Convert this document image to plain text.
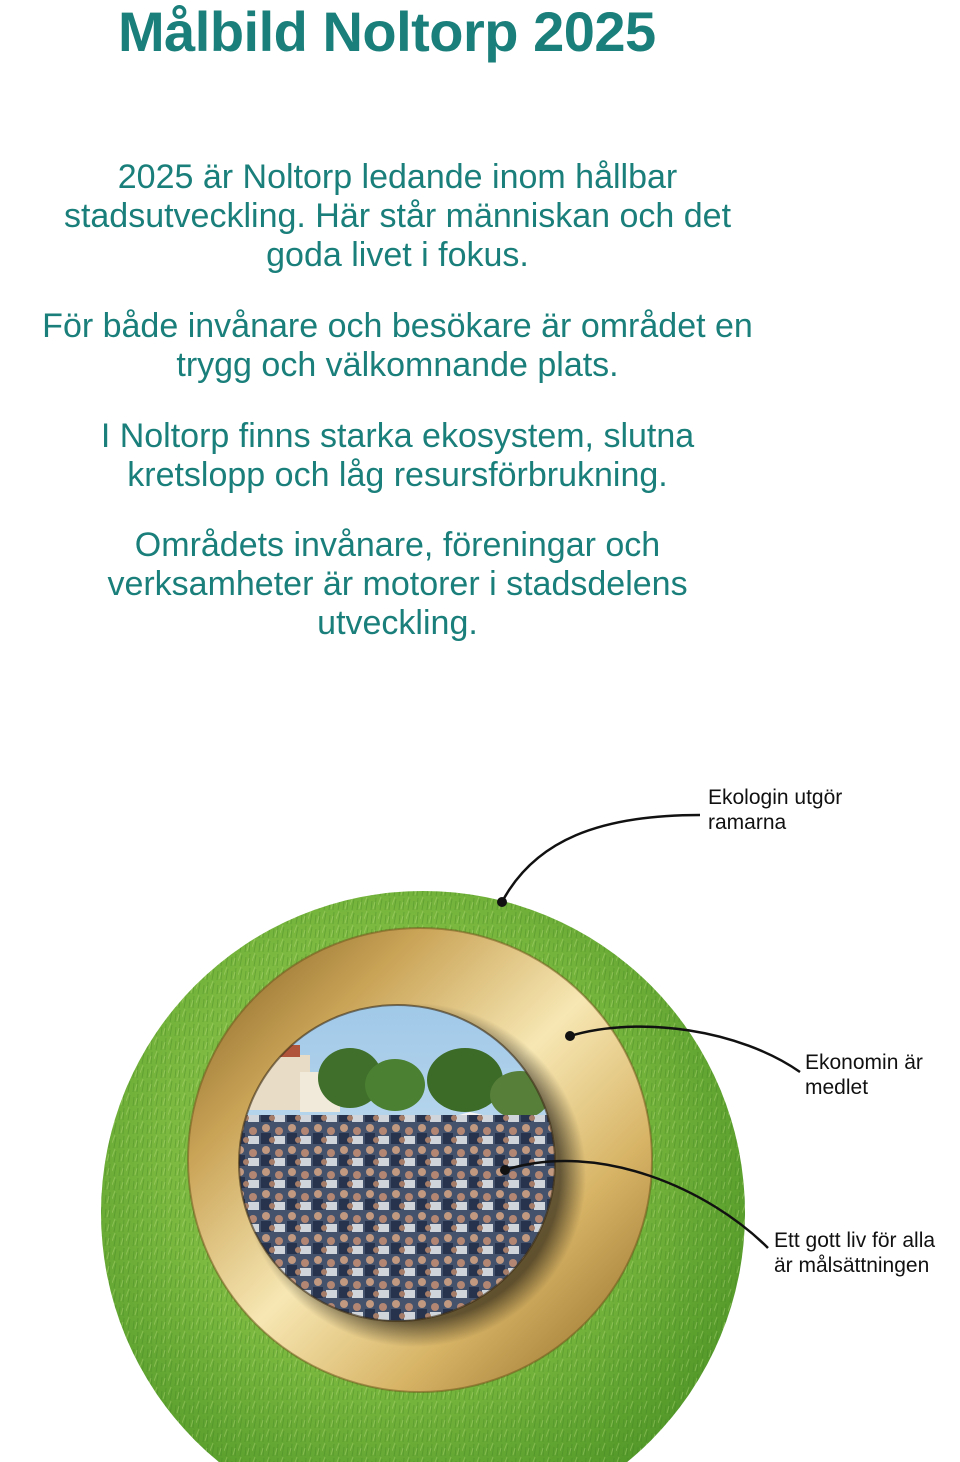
Målbild Noltorp 2025
2025 är Noltorp ledande inom hållbar
stadsutveckling. Här står människan och det
goda livet i fokus.
För både invånare och besökare är området en
trygg och välkomnande plats.
I Noltorp finns starka ekosystem, slutna
kretslopp och låg resursförbrukning.
Områdets invånare, föreningar och
verksamheter är motorer i stadsdelens
utveckling.
Ekologin utgör
ramarna
Ekonomin är
medlet
Ett gott liv för alla
är målsättningen
